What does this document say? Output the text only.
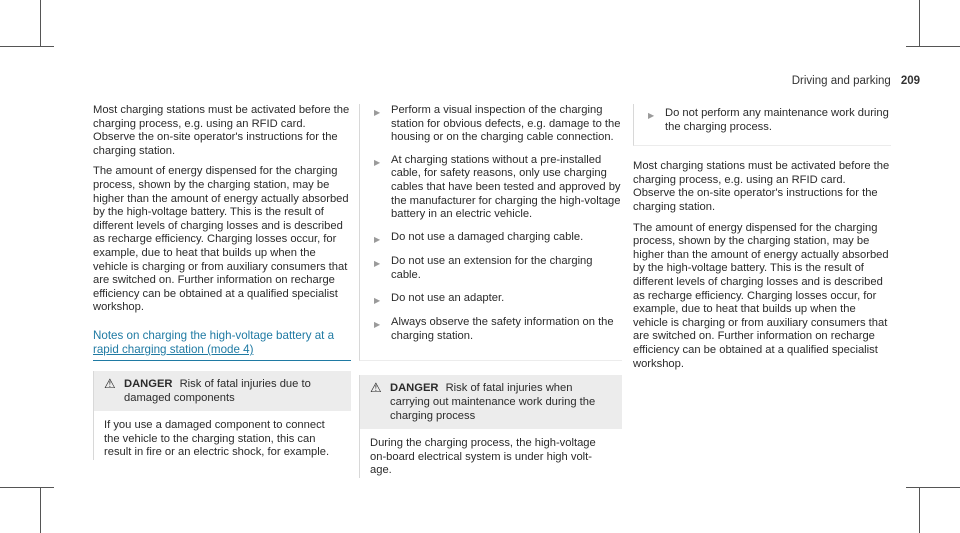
Driving and parking 209

Most charging stations must be activated before the charging process, e.g. using an RFID card. Observe the on-site operator's instructions for the charging station.

The amount of energy dispensed for the charging process, shown by the charging station, may be higher than the amount of energy actually absorbed by the high-voltage battery. This is the result of different levels of charging losses and is described as recharge efficiency. Charging losses occur, for example, due to heat that builds up when the vehicle is charging or from auxiliary consumers that are switched on. Further information on recharge efficiency can be obtained at a qualified specialist workshop.

Notes on charging the high-voltage battery at a
rapid charging station (mode 4)
⚠ DANGER Risk of fatal injuries due to damaged components
If you use a damaged component to connect the vehicle to the charging station, this can result in fire or an electric shock, for example.
▶ Perform a visual inspection of the charging station for obvious defects, e.g. damage to the housing or on the charging cable connection.
▶ At charging stations without a pre-installed cable, for safety reasons, only use charging cables that have been tested and approved by the manufacturer for charging the high-voltage battery in an electric vehicle.
▶ Do not use a damaged charging cable.
▶ Do not use an extension for the charging cable.
▶ Do not use an adapter.
▶ Always observe the safety information on the charging station.
⚠ DANGER Risk of fatal injuries when carrying out maintenance work during the charging process
During the charging process, the high-voltage on-board electrical system is under high volt-age.
▶ Do not perform any maintenance work during the charging process.

Most charging stations must be activated before the charging process, e.g. using an RFID card. Observe the on-site operator's instructions for the charging station.

The amount of energy dispensed for the charging process, shown by the charging station, may be higher than the amount of energy actually absorbed by the high-voltage battery. This is the result of different levels of charging losses and is described as recharge efficiency. Charging losses occur, for example, due to heat that builds up when the vehicle is charging or from auxiliary consumers that are switched on. Further information on recharge efficiency can be obtained at a qualified specialist workshop.
